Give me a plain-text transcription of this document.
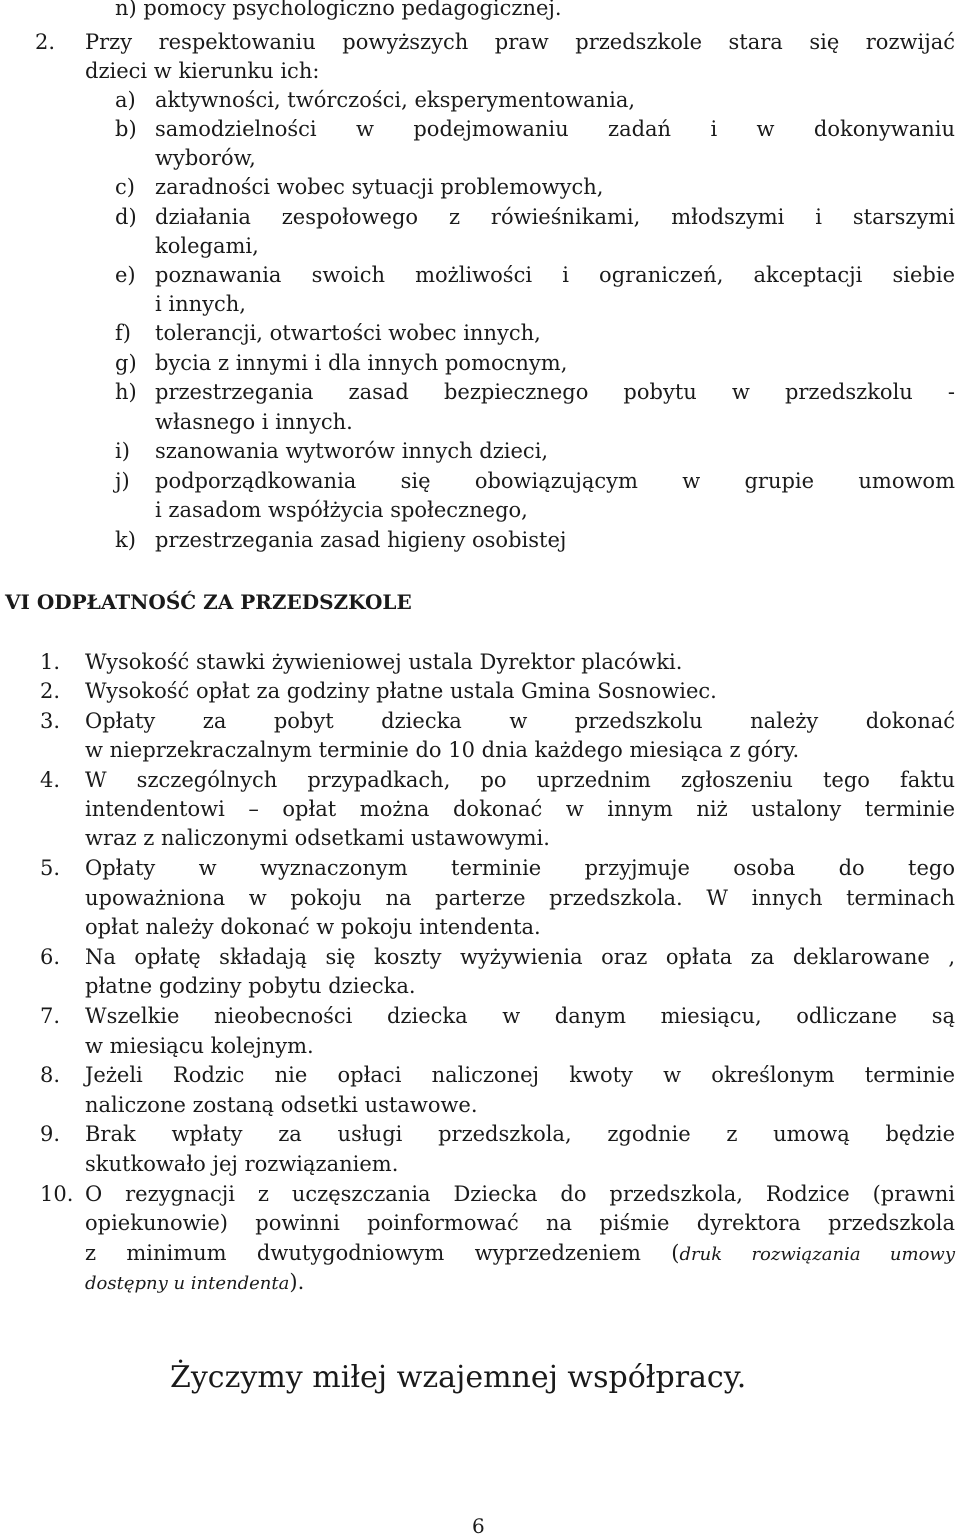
n) pomocy psychologiczno pedagogicznej.
2. Przy respektowaniu powyższych praw przedszkole stara się rozwijać
dzieci w kierunku ich:
a) aktywności, twórczości, eksperymentowania,
b) samodzielności w podejmowaniu zadań i w dokonywaniu
wyborów,
c) zaradności wobec sytuacji problemowych,
d) działania zespołowego z rówieśnikami, młodszymi i starszymi
kolegami,
e) poznawania swoich możliwości i ograniczeń, akceptacji siebie
i innych,
f) tolerancji, otwartości wobec innych,
g) bycia z innymi i dla innych pomocnym,
h) przestrzegania zasad bezpiecznego pobytu w przedszkolu -
własnego i innych.
i) szanowania wytworów innych dzieci,
j) podporządkowania się obowiązującym w grupie umowom
i zasadom współżycia społecznego,
k) przestrzegania zasad higieny osobistej
VI ODPŁATNOŚĆ ZA PRZEDSZKOLE
1. Wysokość stawki żywieniowej ustala Dyrektor placówki.
2. Wysokość opłat za godziny płatne ustala Gmina Sosnowiec.
3. Opłaty za pobyt dziecka w przedszkolu należy dokonać
w nieprzekraczalnym terminie do 10 dnia każdego miesiąca z góry.
4. W szczególnych przypadkach, po uprzednim zgłoszeniu tego faktu
intendentowi – opłat można dokonać w innym niż ustalony terminie
wraz z naliczonymi odsetkami ustawowymi.
5. Opłaty w wyznaczonym terminie przyjmuje osoba do tego
upoważniona w pokoju na parterze przedszkola. W innych terminach
opłat należy dokonać w pokoju intendenta.
6. Na opłatę składają się koszty wyżywienia oraz opłata za deklarowane ,
płatne godziny pobytu dziecka.
7. Wszelkie nieobecności dziecka w danym miesiącu, odliczane są
w miesiącu kolejnym.
8. Jeżeli Rodzic nie opłaci naliczonej kwoty w określonym terminie
naliczone zostaną odsetki ustawowe.
9. Brak wpłaty za usługi przedszkola, zgodnie z umową będzie
skutkowało jej rozwiązaniem.
10. O rezygnacji z uczęszczania Dziecka do przedszkola, Rodzice (prawni
opiekunowie) powinni poinformować na piśmie dyrektora przedszkola
z minimum dwutygodniowym wyprzedzeniem (druk rozwiązania umowy
dostępny u intendenta).
Życzymy miłej wzajemnej współpracy.
6
